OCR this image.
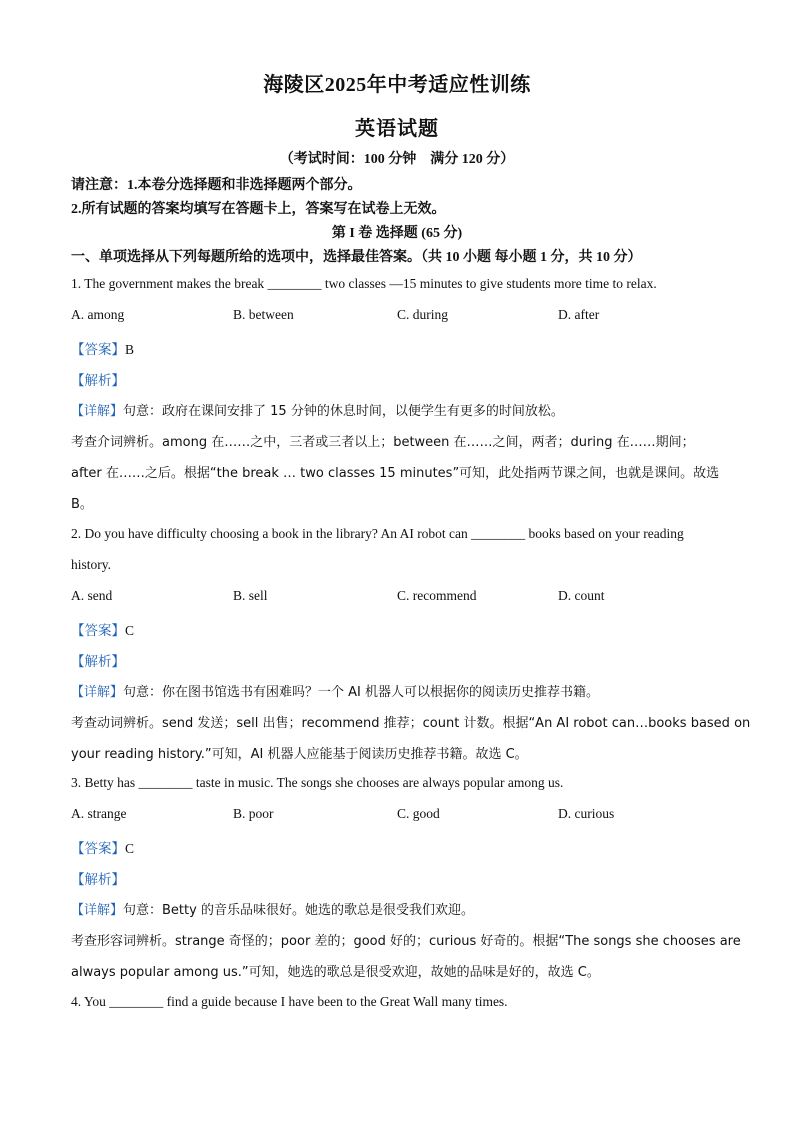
海陵区2025年中考适应性训练
英语试题
（考试时间：100 分钟　满分 120 分）
请注意：1.本卷分选择题和非选择题两个部分。
2.所有试题的答案均填写在答题卡上，答案写在试卷上无效。
第 I 卷 选择题 (65 分)
一、单项选择从下列每题所给的选项中，选择最佳答案。（共 10 小题 每小题 1 分，共 10 分）
1. The government makes the break ________ two classes —15 minutes to give students more time to relax.
A. among	B. between	C. during	D. after
【答案】B
【解析】
【详解】句意：政府在课间安排了 15 分钟的休息时间，以便学生有更多的时间放松。
考查介词辨析。among 在……之中，三者或三者以上；between 在……之间，两者；during 在……期间；
after 在……之后。根据“the break … two classes 15 minutes”可知，此处指两节课之间，也就是课间。故选
B。
2. Do you have difficulty choosing a book in the library? An AI robot can ________ books based on your reading
history.
A. send	B. sell	C. recommend	D. count
【答案】C
【解析】
【详解】句意：你在图书馆选书有困难吗？一个 AI 机器人可以根据你的阅读历史推荐书籍。
考查动词辨析。send 发送；sell 出售；recommend 推荐；count 计数。根据“An AI robot can…books based on
your reading history.”可知，AI 机器人应能基于阅读历史推荐书籍。故选 C。
3. Betty has ________ taste in music. The songs she chooses are always popular among us.
A. strange	B. poor	C. good	D. curious
【答案】C
【解析】
【详解】句意：Betty 的音乐品味很好。她选的歌总是很受我们欢迎。
考查形容词辨析。strange 奇怪的；poor 差的；good 好的；curious 好奇的。根据“The songs she chooses are
always popular among us.”可知，她选的歌总是很受欢迎，故她的品味是好的，故选 C。
4. You ________ find a guide because I have been to the Great Wall many times.
